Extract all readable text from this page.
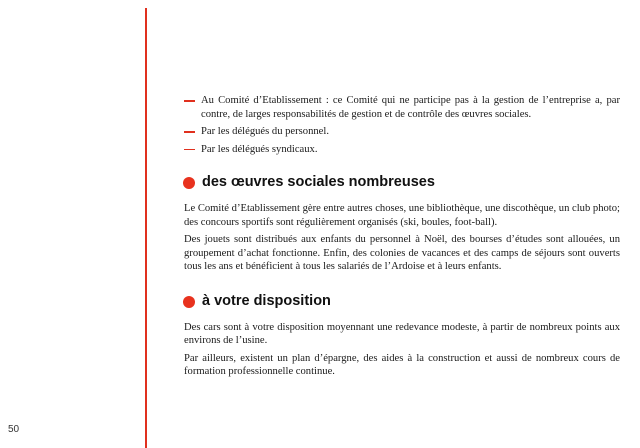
Au Comité d’Etablissement : ce Comité qui ne participe pas à la gestion de l’entreprise a, par contre, de larges responsabilités de gestion et de contrôle des œuvres sociales.
Par les délégués du personnel.
Par les délégués syndicaux.
des œuvres sociales nombreuses

Le Comité d’Etablissement gère entre autres choses, une bibliothèque, une discothèque, un club photo; des concours sportifs sont régulièrement organisés (ski, boules, foot-ball).

Des jouets sont distribués aux enfants du personnel à Noël, des bourses d’études sont allouées, un groupement d’achat fonctionne. Enfin, des colonies de vacances et des camps de séjours sont ouverts tous les ans et bénéficient à tous les salariés de l’Ardoise et à leurs enfants.

à votre disposition

Des cars sont à votre disposition moyennant une redevance modeste, à partir de nombreux points aux environs de l’usine.

Par ailleurs, existent un plan d’épargne, des aides à la construction et aussi de nombreux cours de formation professionnelle continue.

50
